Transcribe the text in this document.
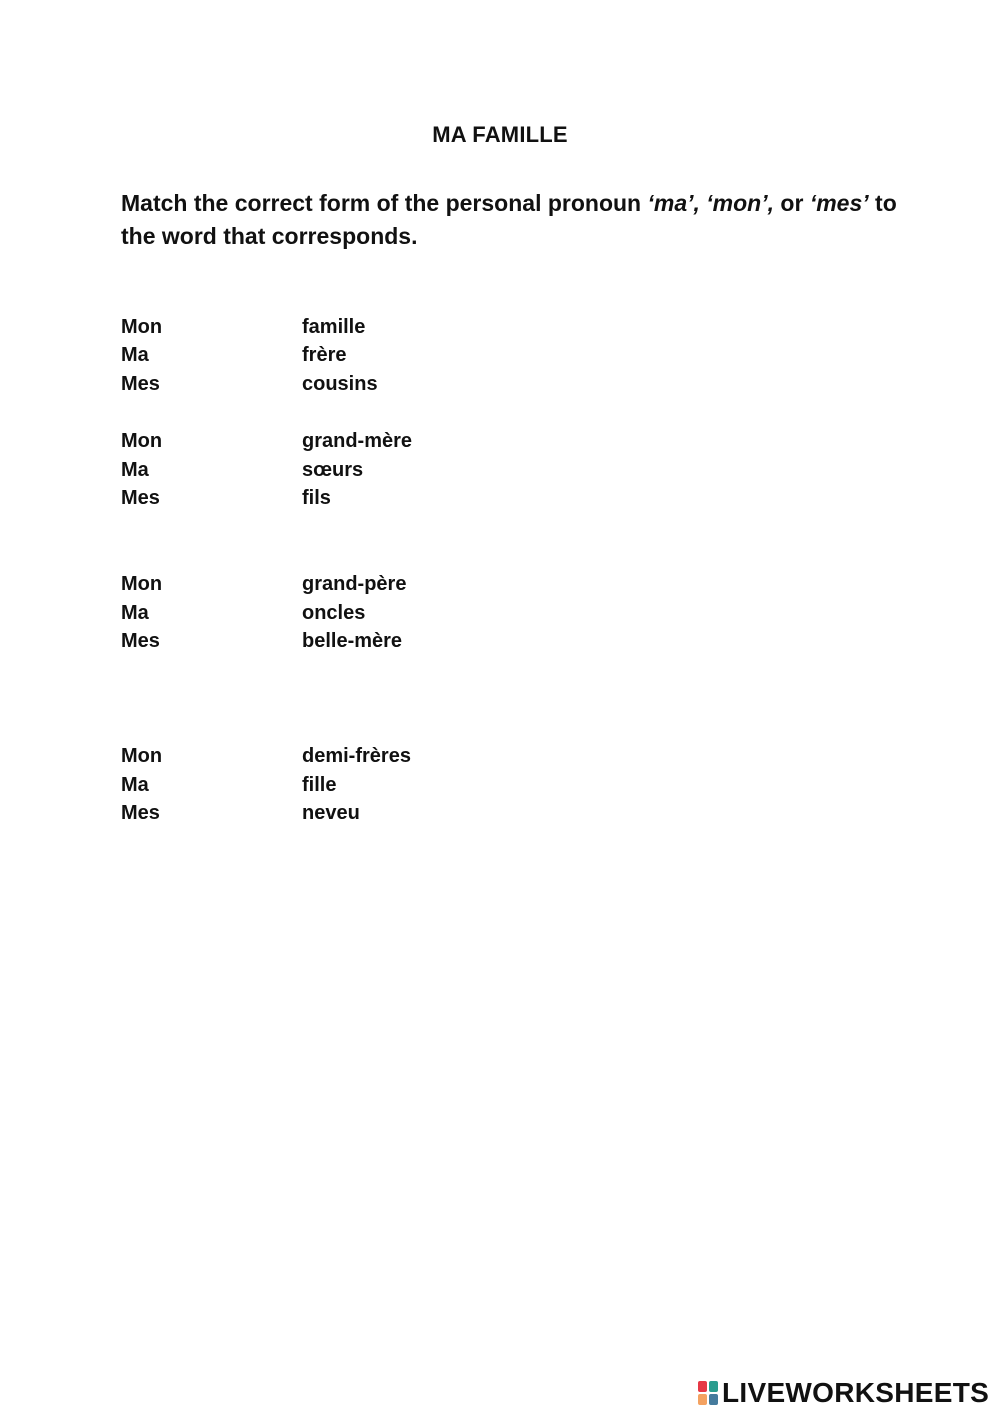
MA FAMILLE
Match the correct form of the personal pronoun ‘ma’, ‘mon’, or ‘mes’ to the word that corresponds.
Mon	famille
Ma	frère
Mes	cousins
Mon	grand-mère
Ma	sœurs
Mes	fils
Mon	grand-père
Ma	oncles
Mes	belle-mère
Mon	demi-frères
Ma	fille
Mes	neveu
LIVEWORKSHEETS
